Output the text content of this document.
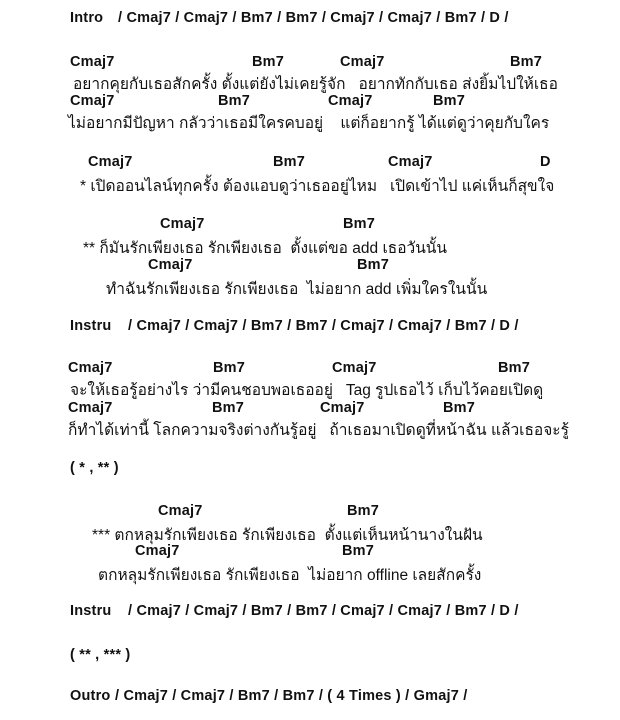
Intro / Cmaj7 / Cmaj7 / Bm7 / Bm7 / Cmaj7 / Cmaj7 / Bm7 / D /
Cmaj7	Bm7	Cmaj7	Bm7
อยากคุยกับเธอสักครั้ง ตั้งแต่ยังไม่เคยรู้จัก   อยากทักกับเธอ ส่งยิ้มไปให้เธอ
Cmaj7	Bm7	Cmaj7	Bm7
ไม่อยากมีปัญหา กลัวว่าเธอมีใครคบอยู่    แต่ก็อยากรู้ ได้แต่ดูว่าคุยกับใคร
Cmaj7	Bm7	Cmaj7	D
* เปิดออนไลน์ทุกครั้ง ต้องแอบดูว่าเธออยู่ไหม   เปิดเข้าไป แค่เห็นก็สุขใจ
Cmaj7	Bm7
** ก็มันรักเพียงเธอ รักเพียงเธอ  ตั้งแต่ขอ add เธอวันนั้น
Cmaj7	Bm7
ทำฉันรักเพียงเธอ รักเพียงเธอ  ไม่อยาก add เพิ่มใครในนั้น
Instru / Cmaj7 / Cmaj7 / Bm7 / Bm7 / Cmaj7 / Cmaj7 / Bm7 / D /
Cmaj7	Bm7	Cmaj7	Bm7
จะให้เธอรู้อย่างไร ว่ามีคนชอบพอเธออยู่   Tag รูปเธอไว้ เก็บไว้คอยเปิดดู
Cmaj7	Bm7	Cmaj7	Bm7
ก็ทำได้เท่านี้ โลกความจริงต่างกันรู้อยู่   ถ้าเธอมาเปิดดูที่หน้าฉัน แล้วเธอจะรู้
( * , ** )
Cmaj7	Bm7
*** ตกหลุมรักเพียงเธอ รักเพียงเธอ  ตั้งแต่เห็นหน้านางในฝัน
Cmaj7	Bm7
ตกหลุมรักเพียงเธอ รักเพียงเธอ  ไม่อยาก offline เลยสักครั้ง
Instru / Cmaj7 / Cmaj7 / Bm7 / Bm7 / Cmaj7 / Cmaj7 / Bm7 / D /
( ** , *** )
Outro / Cmaj7 / Cmaj7 / Bm7 / Bm7 / ( 4 Times ) / Gmaj7 /
